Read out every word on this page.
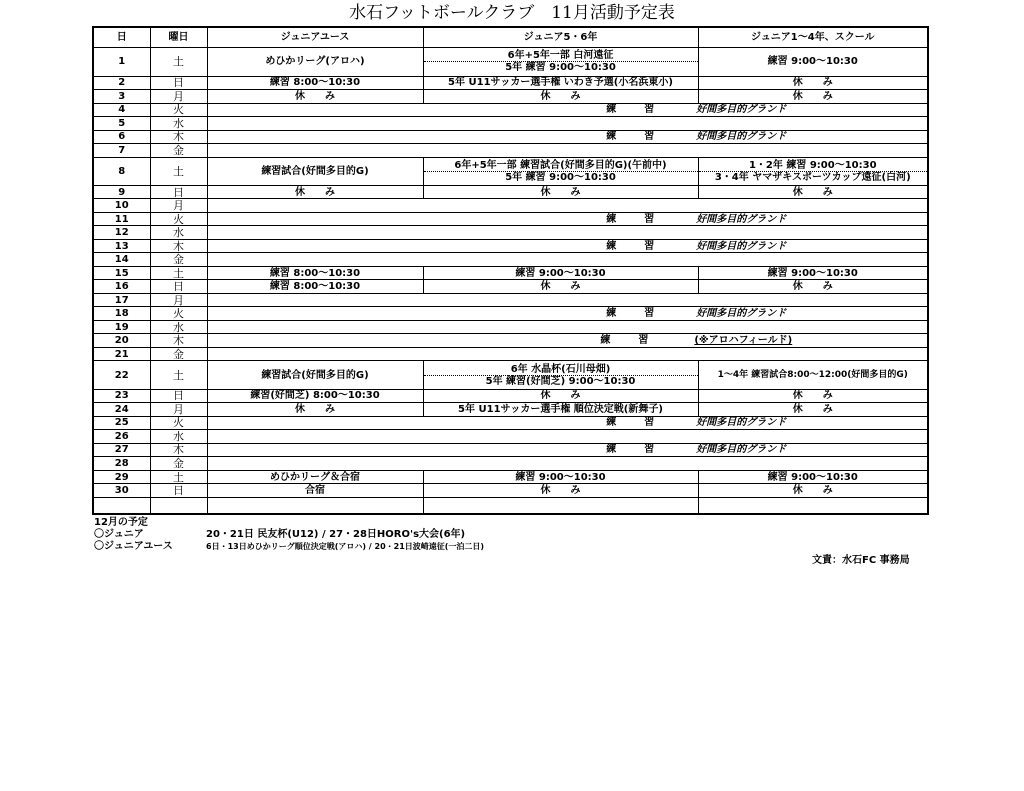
水石フットボールクラブ　11月活動予定表
日	曜日	ジュニアユース	ジュニア5・6年	ジュニア1〜4年、スクール
1	土	めひかリーグ(アロハ)	6年+5年一部 白河遠征
5年 練習 9:00〜10:30	練習 9:00〜10:30
2	日	練習 8:00〜10:30	5年 U11サッカー選手権 いわき予選(小名浜東小)	休　　み
3	月	休　　み	休　　み	休　　み
4	火	練 習 好間多目的グランド		
5	水			
6	木	練 習 好間多目的グランド		
7	金			
8	土	練習試合(好間多目的G)	6年+5年一部 練習試合(好間多目的G)(午前中)
5年 練習 9:00〜10:30	1・2年 練習 9:00〜10:30
3・4年 ヤマザキスポーツカップ遠征(白河)

9	日	休　　み	休　　み	休　　み
10	月			
11	火	練 習 好間多目的グランド		
12	水			
13	木	練 習 好間多目的グランド		
14	金			
15	土	練習 8:00〜10:30	練習 9:00〜10:30	練習 9:00〜10:30
16	日	練習 8:00〜10:30	休　　み	休　　み
17	月			
18	火	練 習 好間多目的グランド		
19	水			
20	木	練 習 (※アロハフィールド)		
21	金			
22	土	練習試合(好間多目的G)	6年 水晶杯(石川母畑)
5年 練習(好間芝) 9:00〜10:30	1〜4年 練習試合8:00〜12:00(好間多目的G)
23	日	練習(好間芝) 8:00〜10:30	休　　み	休　　み
24	月	休　　み	5年 U11サッカー選手権 順位決定戦(新舞子)	休　　み
25	火	練 習 好間多目的グランド		
26	水			
27	木	練 習 好間多目的グランド		
28	金			
29	土	めひかリーグ＆合宿	練習 9:00〜10:30	練習 9:00〜10:30
30	日	合宿	休　　み	休　　み

12月の予定
〇ジュニア	20・21日 民友杯(U12) / 27・28日HORO's大会(6年)
〇ジュニアユース	6日・13日めひかリーグ順位決定戦(アロハ) / 20・21日波崎遠征(一泊二日)
文責：水石FC 事務局
